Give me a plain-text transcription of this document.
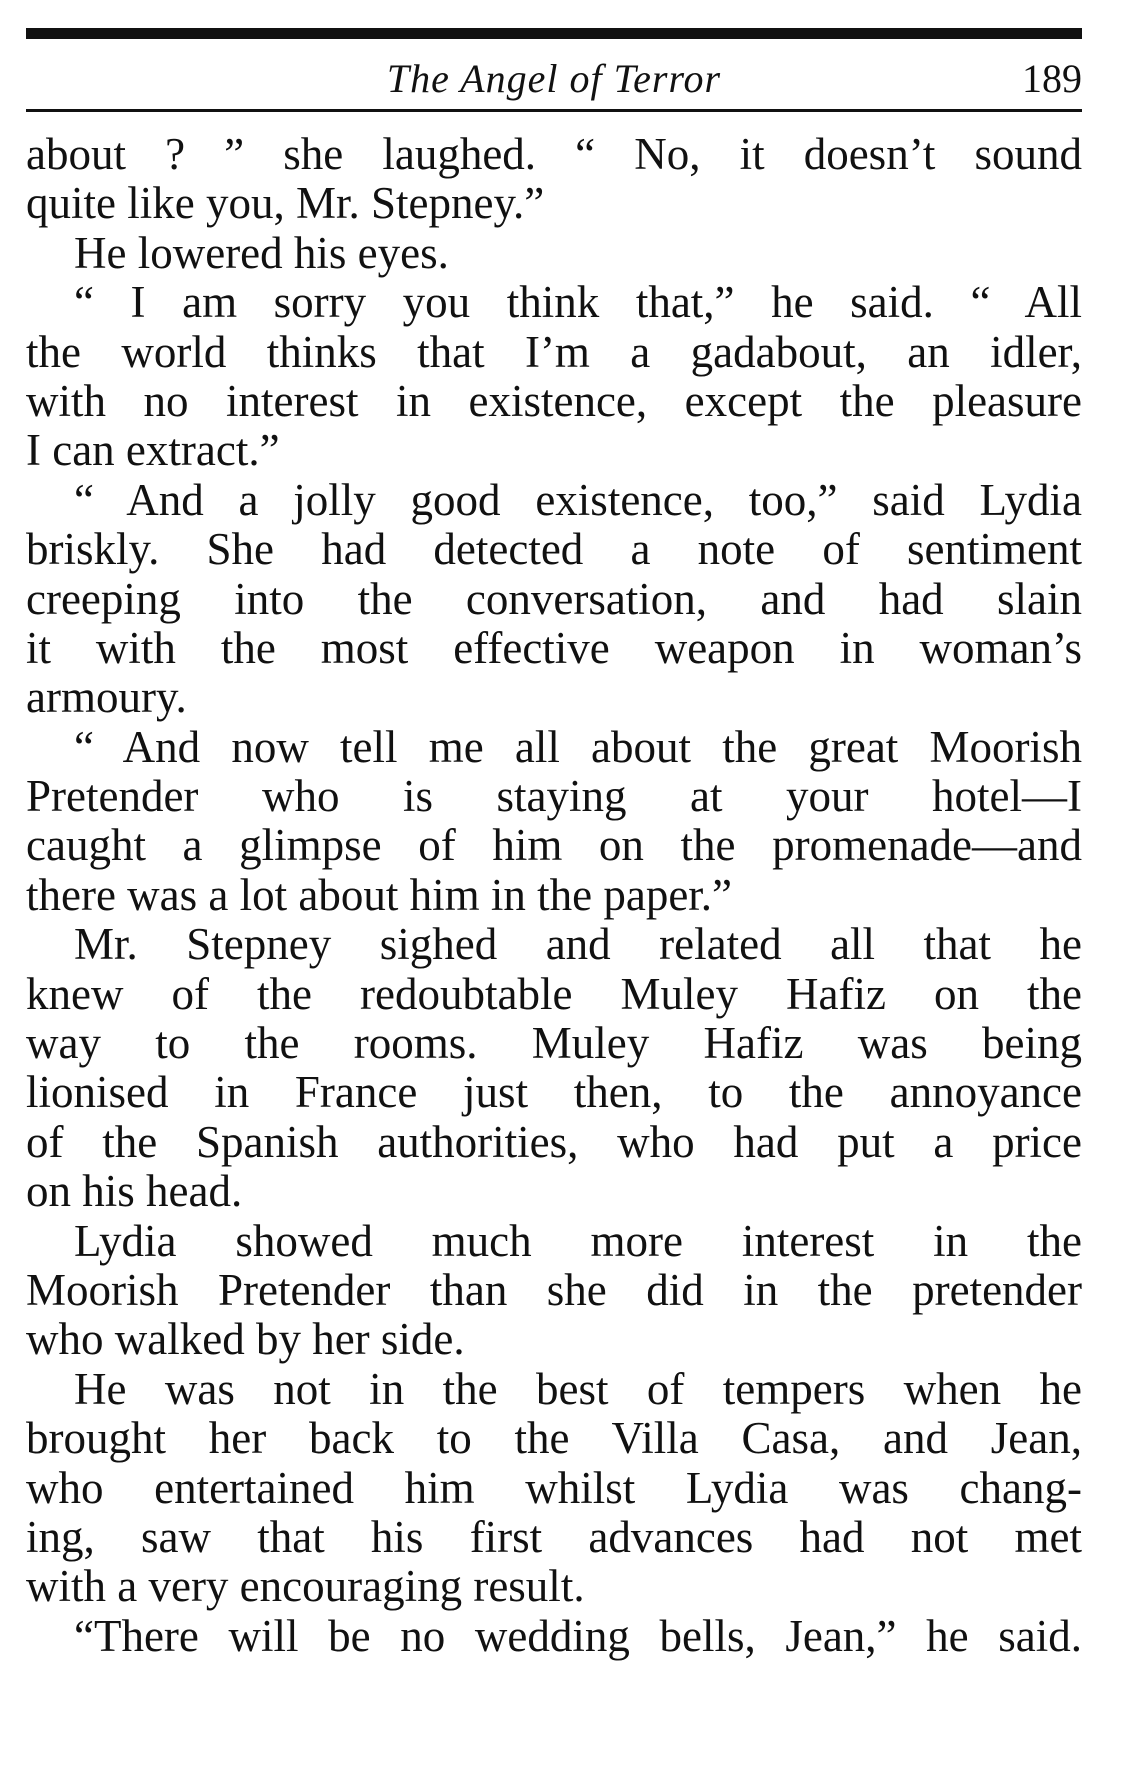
The Angel of Terror	189
about ? ” she laughed. “ No, it doesn’t sound
quite like you, Mr. Stepney.”
He lowered his eyes.
“ I am sorry you think that,” he said. “ All
the world thinks that I’m a gadabout, an idler,
with no interest in existence, except the pleasure
I can extract.”
“ And a jolly good existence, too,” said Lydia
briskly. She had detected a note of sentiment
creeping into the conversation, and had slain
it with the most effective weapon in woman’s
armoury.
“ And now tell me all about the great Moorish
Pretender who is staying at your hotel—I
caught a glimpse of him on the promenade—and
there was a lot about him in the paper.”
Mr. Stepney sighed and related all that he
knew of the redoubtable Muley Hafiz on the
way to the rooms. Muley Hafiz was being
lionised in France just then, to the annoyance
of the Spanish authorities, who had put a price
on his head.
Lydia showed much more interest in the
Moorish Pretender than she did in the pretender
who walked by her side.
He was not in the best of tempers when he
brought her back to the Villa Casa, and Jean,
who entertained him whilst Lydia was chang-
ing, saw that his first advances had not met
with a very encouraging result.
“There will be no wedding bells, Jean,” he said.
